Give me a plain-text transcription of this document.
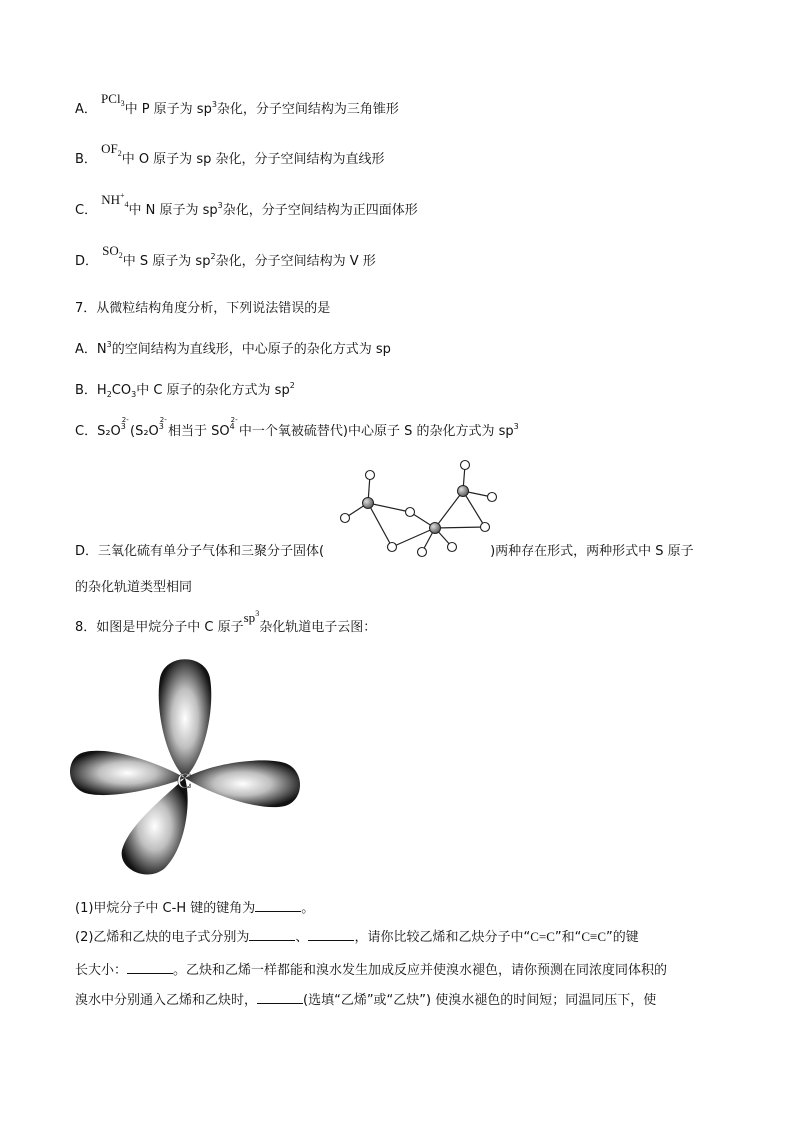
A． PCl$_3$中 P 原子为 $sp^3$杂化，分子空间结构为三角锥形
B． $OF_2$中 O 原子为 sp 杂化，分子空间结构为直线形
C． $NH^+_4$中 N 原子为 $sp^3$杂化，分子空间结构为正四面体形
D． $SO_2$中 S 原子为 $sp^2$杂化，分子空间结构为 V 形
7．从微粒结构角度分析，下列说法错误的是
A．$N^3$的空间结构为直线形，中心原子的杂化方式为 sp
B．$H_2CO_3$中 C 原子的杂化方式为 $sp^2$
C．S₂O
2-
$^3$ (S₂O
2-
$^3$ 相当于 SO
2-
$^4$ 中一个氧被硫替代)中心原子 S 的杂化方式为 $sp^3$
D．三氧化硫有单分子气体和三聚分子固体(	)两种存在形式，两种形式中 S 原子
的杂化轨道类型相同
8．如图是甲烷分子中 C 原子$sp^3$杂化轨道电子云图：
C
(1)甲烷分子中 C-H 键的键角为	。
(2)乙烯和乙炔的电子式分别为	、	，请你比较乙烯和乙炔分子中“C=C”和“C≡C”的键
长大小：	。乙炔和乙烯一样都能和溴水发生加成反应并使溴水褪色，请你预测在同浓度同体积的
溴水中分别通入乙烯和乙炔时，	(选填“乙烯”或“乙炔”) 使溴水褪色的时间短；同温同压下，使
